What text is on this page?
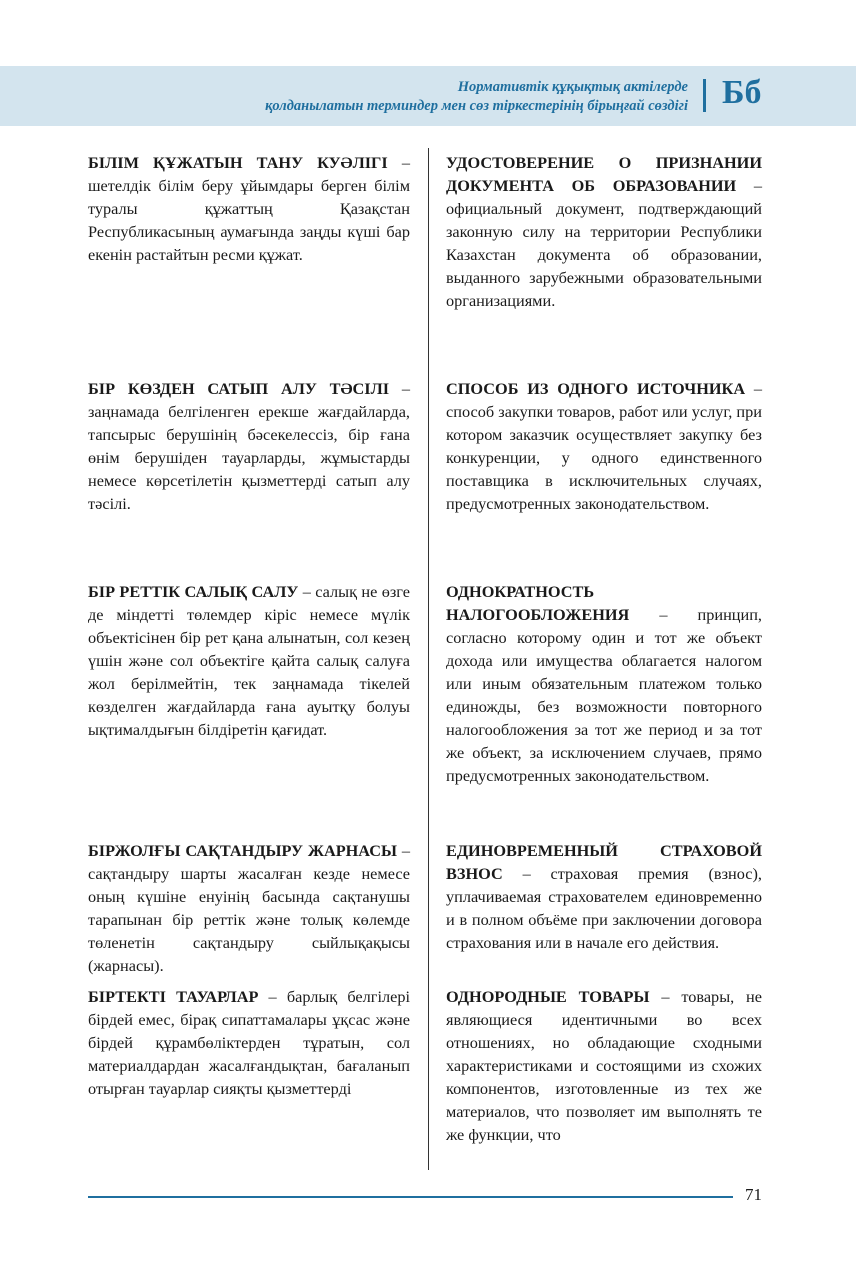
Нормативтік құқықтық актілерде
қолданылатын терминдер мен сөз тіркестерінің бірыңғай сөздігі Бб
БІЛІМ ҚҰЖАТЫН ТАНУ КУӘЛІГІ – шетелдік білім беру ұйымдары берген білім туралы құжаттың Қазақстан Республикасының аумағында заңды күші бар екенін растайтын ресми құжат.
УДОСТОВЕРЕНИЕ О ПРИЗНАНИИ ДОКУМЕНТА ОБ ОБРАЗОВАНИИ – официальный документ, подтверждающий законную силу на территории Республики Казахстан документа об образовании, выданного зарубежными образовательными организациями.
БІР КӨЗДЕН САТЫП АЛУ ТӘСІЛІ – заңнамада белгіленген ерекше жағдайларда, тапсырыс берушінің бәсекелессіз, бір ғана өнім берушіден тауарларды, жұмыстарды немесе көрсетілетін қызметтерді сатып алу тәсілі.
СПОСОБ ИЗ ОДНОГО ИСТОЧНИКА – способ закупки товаров, работ или услуг, при котором заказчик осуществляет закупку без конкуренции, у одного единственного поставщика в исключительных случаях, предусмотренных законодательством.
БІР РЕТТІК САЛЫҚ САЛУ – салық не өзге де міндетті төлемдер кіріс немесе мүлік объектісінен бір рет қана алынатын, сол кезең үшін және сол объектіге қайта салық салуға жол берілмейтін, тек заңнамада тікелей көзделген жағдайларда ғана ауытқу болуы ықтималдығын білдіретін қағидат.
ОДНОКРАТНОСТЬ НАЛОГООБЛОЖЕНИЯ – принцип, согласно которому один и тот же объект дохода или имущества облагается налогом или иным обязательным платежом только единожды, без возможности повторного налогообложения за тот же период и за тот же объект, за исключением случаев, прямо предусмотренных законодательством.
БІРЖОЛҒЫ САҚТАНДЫРУ ЖАРНАСЫ – сақтандыру шарты жасалған кезде немесе оның күшіне енуінің басында сақтанушы тарапынан бір реттік және толық көлемде төленетін сақтандыру сыйлықақысы (жарнасы).
ЕДИНОВРЕМЕННЫЙ СТРАХОВОЙ ВЗНОС – страховая премия (взнос), уплачиваемая страхователем единовременно и в полном объёме при заключении договора страхования или в начале его действия.
БІРТЕКТІ ТАУАРЛАР – барлық белгілері бірдей емес, бірақ сипаттамалары ұқсас және бірдей құрамбөліктерден тұратын, сол материалдардан жасалғандықтан, бағаланып отырған тауарлар сияқты қызметтерді
ОДНОРОДНЫЕ ТОВАРЫ – товары, не являющиеся идентичными во всех отношениях, но обладающие сходными характеристиками и состоящими из схожих компонентов, изготовленные из тех же материалов, что позволяет им выполнять те же функции, что
71
